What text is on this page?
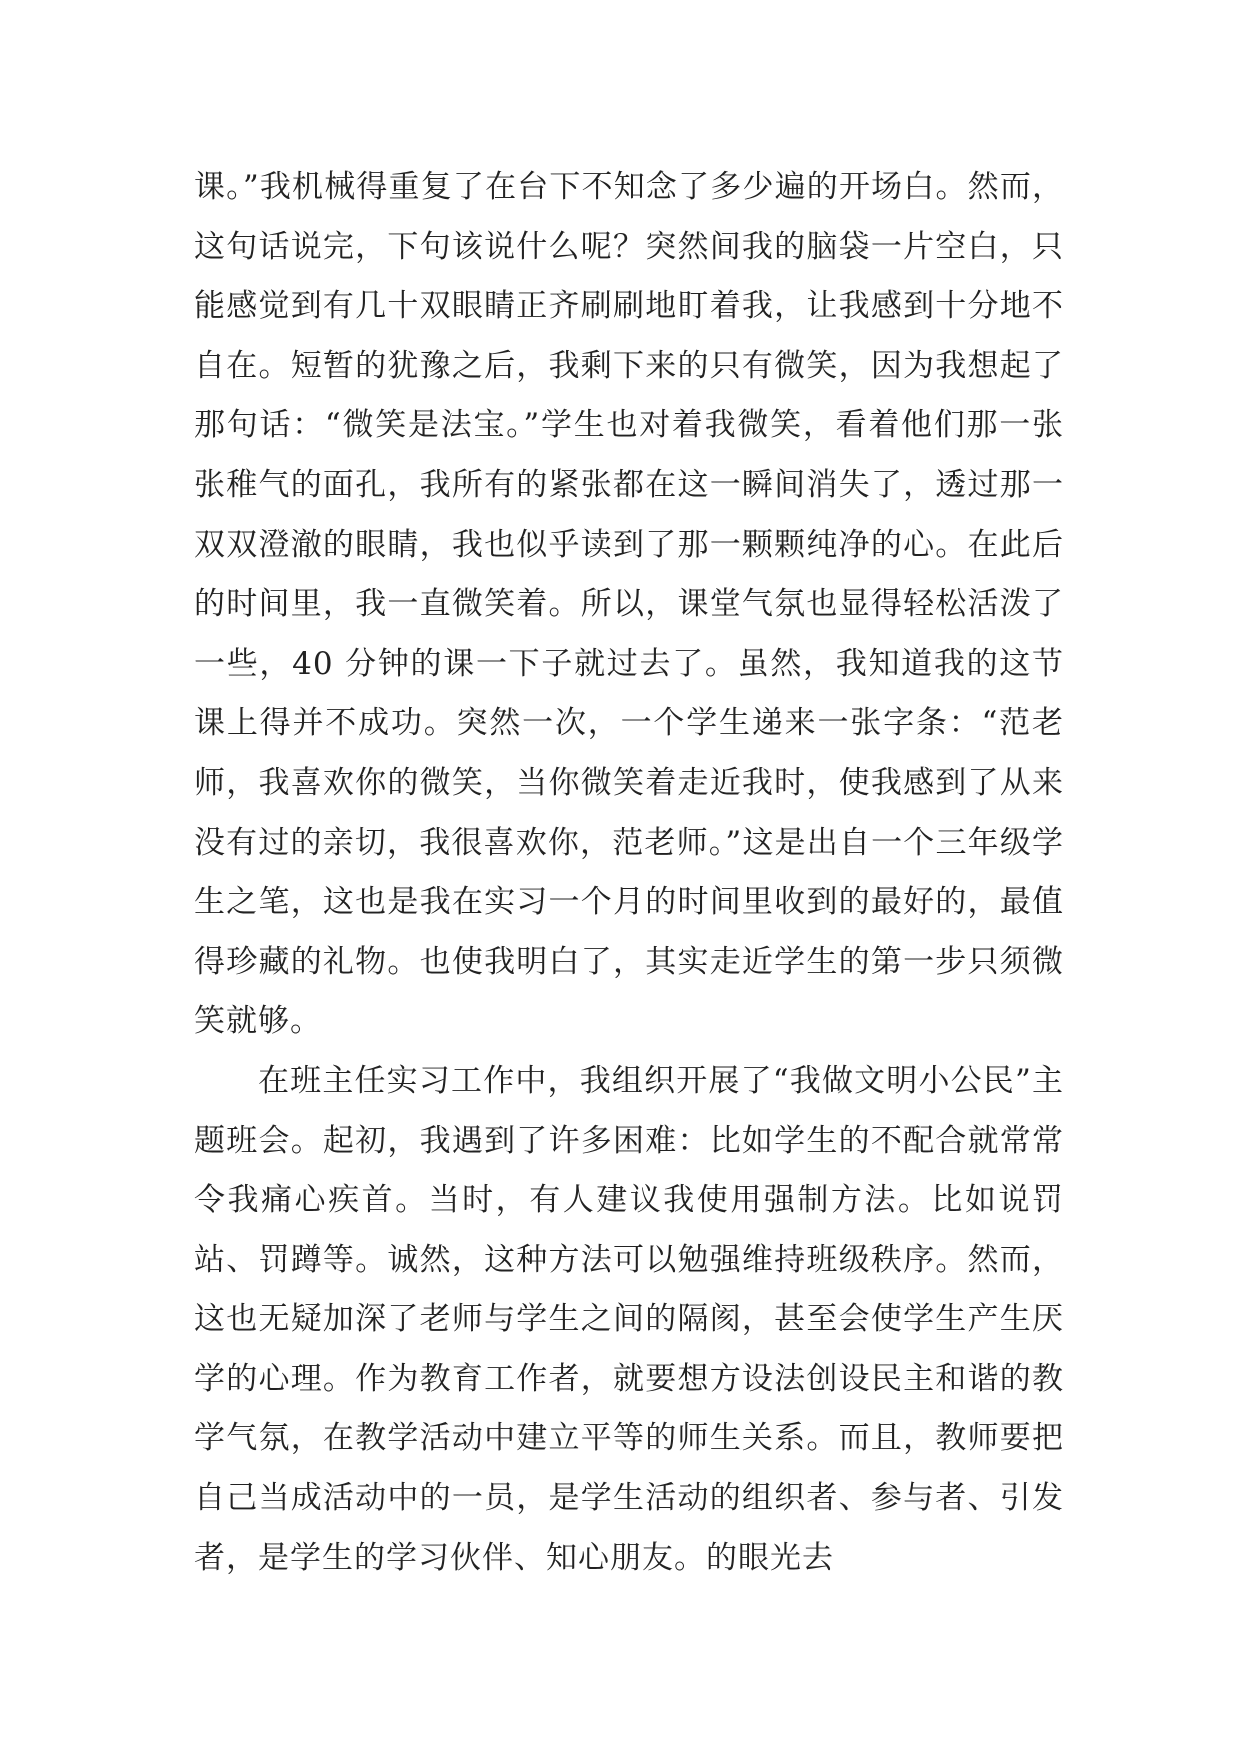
课。”我机械得重复了在台下不知念了多少遍的开场白。然而，这句话说完，下句该说什么呢？突然间我的脑袋一片空白，只能感觉到有几十双眼睛正齐刷刷地盯着我，让我感到十分地不自在。短暂的犹豫之后，我剩下来的只有微笑，因为我想起了那句话：“微笑是法宝。”学生也对着我微笑，看着他们那一张张稚气的面孔，我所有的紧张都在这一瞬间消失了，透过那一双双澄澈的眼睛，我也似乎读到了那一颗颗纯净的心。在此后的时间里，我一直微笑着。所以，课堂气氛也显得轻松活泼了一些，40 分钟的课一下子就过去了。虽然，我知道我的这节课上得并不成功。突然一次，一个学生递来一张字条：“范老师，我喜欢你的微笑，当你微笑着走近我时，使我感到了从来没有过的亲切，我很喜欢你，范老师。”这是出自一个三年级学生之笔，这也是我在实习一个月的时间里收到的最好的，最值得珍藏的礼物。也使我明白了，其实走近学生的第一步只须微笑就够。

在班主任实习工作中，我组织开展了“我做文明小公民”主题班会。起初，我遇到了许多困难：比如学生的不配合就常常令我痛心疾首。当时，有人建议我使用强制方法。比如说罚站、罚蹲等。诚然，这种方法可以勉强维持班级秩序。然而，这也无疑加深了老师与学生之间的隔阂，甚至会使学生产生厌学的心理。作为教育工作者，就要想方设法创设民主和谐的教学气氛，在教学活动中建立平等的师生关系。而且，教师要把自己当成活动中的一员，是学生活动的组织者、参与者、引发者，是学生的学习伙伴、知心朋友。的眼光去
